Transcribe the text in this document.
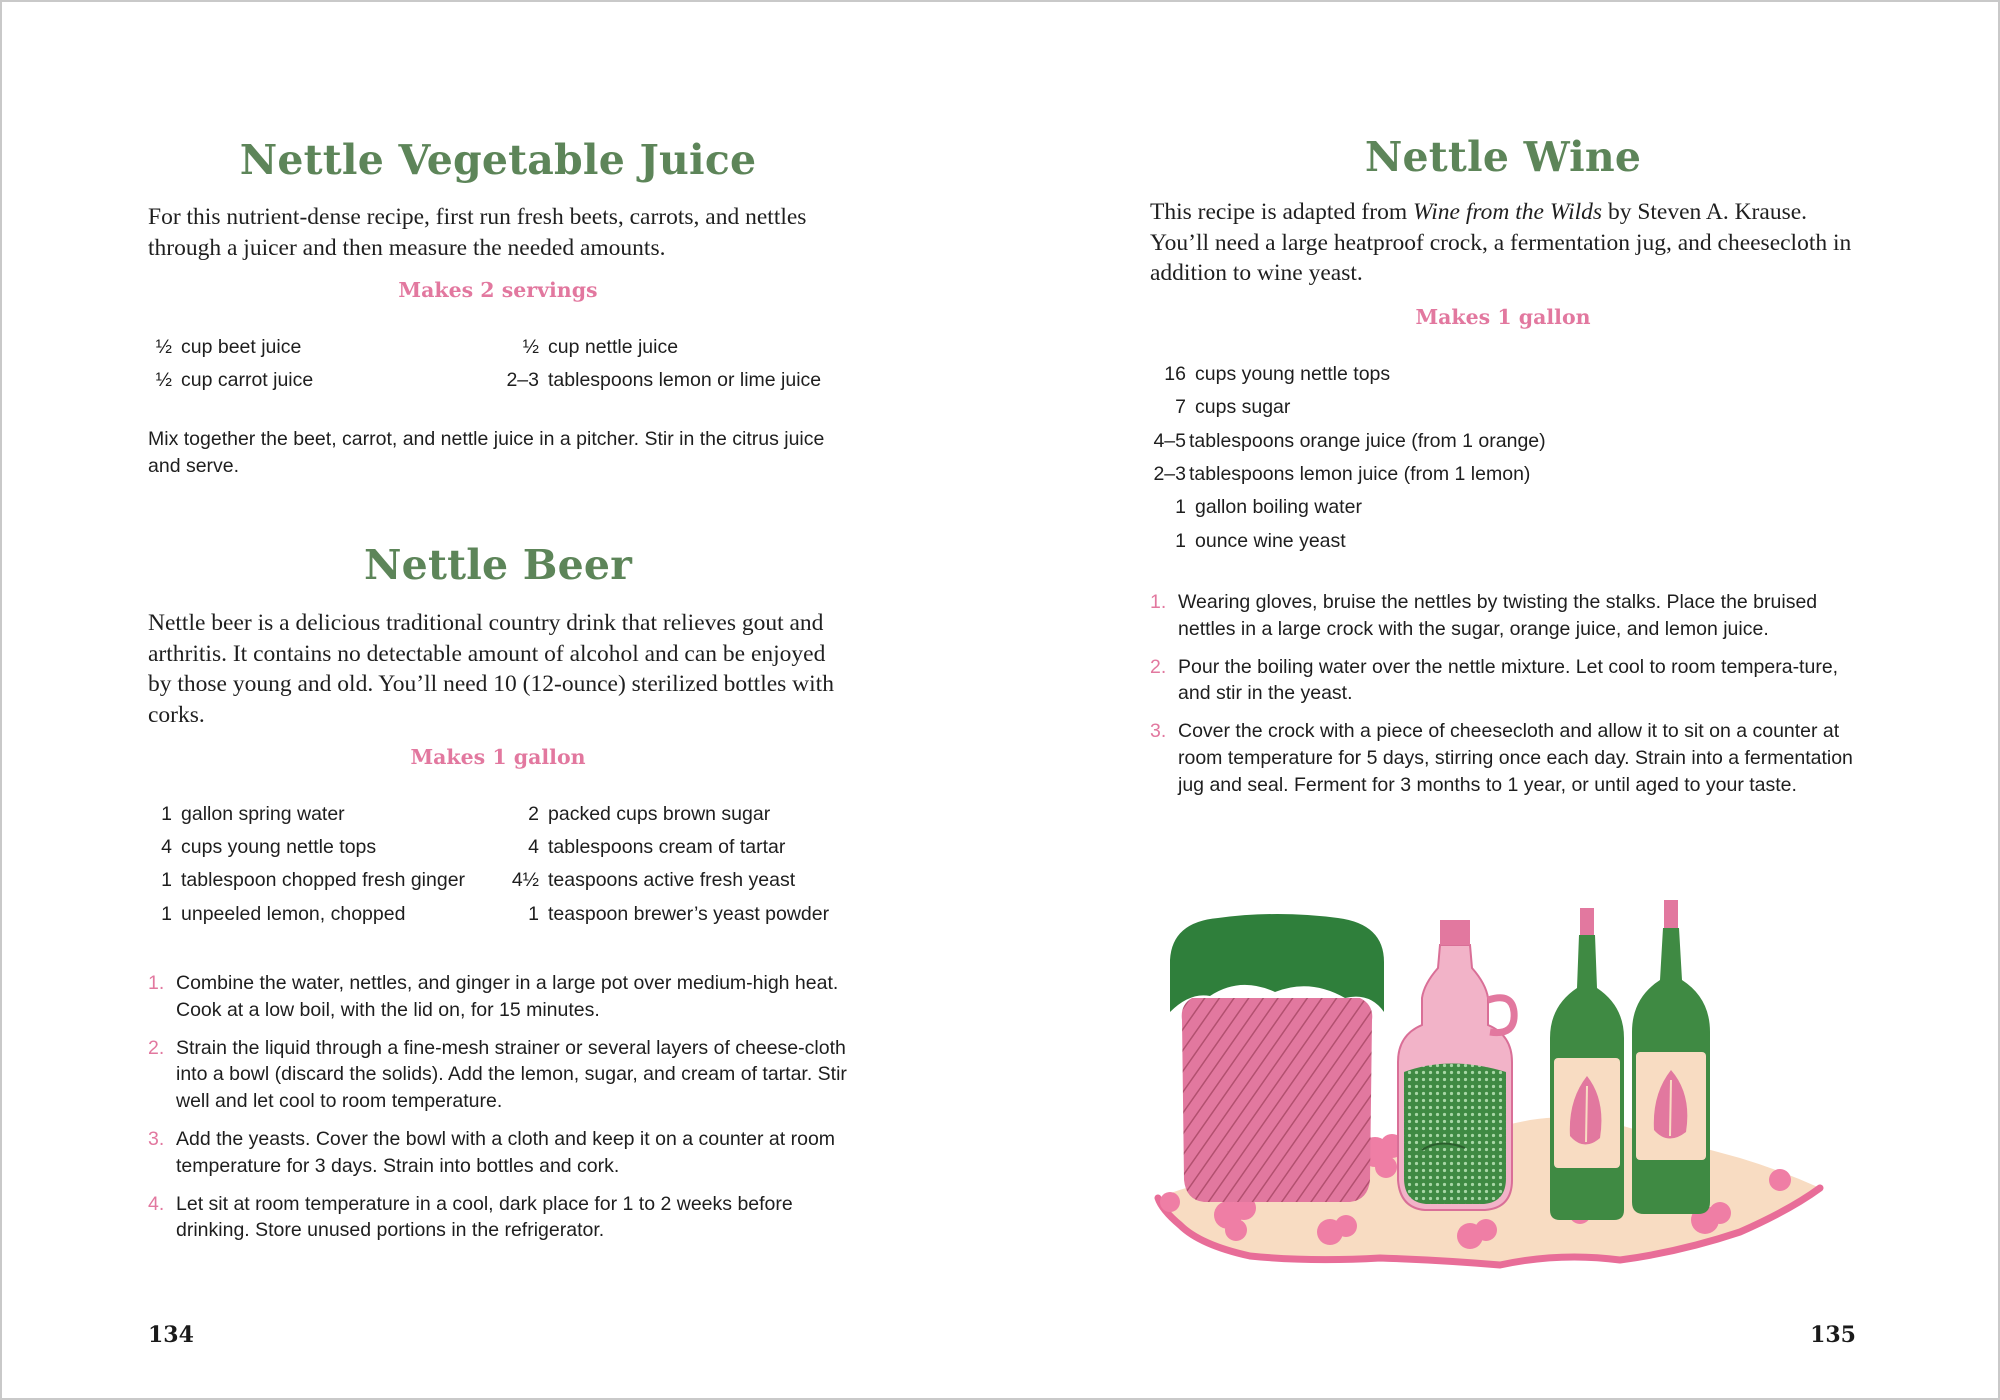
Nettle Vegetable Juice

For this nutrient-dense recipe, first run fresh beets, carrots, and nettles through a juicer and then measure the needed amounts.

Makes 2 servings

½ cup beet juice
½ cup carrot juice
½ cup nettle juice
2–3 tablespoons lemon or lime juice

Mix together the beet, carrot, and nettle juice in a pitcher. Stir in the citrus juice and serve.

Nettle Beer

Nettle beer is a delicious traditional country drink that relieves gout and arthritis. It contains no detectable amount of alcohol and can be enjoyed by those young and old. You’ll need 10 (12-ounce) sterilized bottles with corks.

Makes 1 gallon

1 gallon spring water
4 cups young nettle tops
1 tablespoon chopped fresh ginger
1 unpeeled lemon, chopped
2 packed cups brown sugar
4 tablespoons cream of tartar
4½ teaspoons active fresh yeast
1 teaspoon brewer’s yeast powder
1. Combine the water, nettles, and ginger in a large pot over medium-high heat. Cook at a low boil, with the lid on, for 15 minutes.
2. Strain the liquid through a fine-mesh strainer or several layers of cheese-cloth into a bowl (discard the solids). Add the lemon, sugar, and cream of tartar. Stir well and let cool to room temperature.
3. Add the yeasts. Cover the bowl with a cloth and keep it on a counter at room temperature for 3 days. Strain into bottles and cork.
4. Let sit at room temperature in a cool, dark place for 1 to 2 weeks before drinking. Store unused portions in the refrigerator.
134
Nettle Wine

This recipe is adapted from Wine from the Wilds by Steven A. Krause. You’ll need a large heatproof crock, a fermentation jug, and cheesecloth in addition to wine yeast.

Makes 1 gallon

16 cups young nettle tops
7 cups sugar
4–5 tablespoons orange juice (from 1 orange)
2–3 tablespoons lemon juice (from 1 lemon)
1 gallon boiling water
1 ounce wine yeast
1. Wearing gloves, bruise the nettles by twisting the stalks. Place the bruised nettles in a large crock with the sugar, orange juice, and lemon juice.
2. Pour the boiling water over the nettle mixture. Let cool to room tempera-ture, and stir in the yeast.
3. Cover the crock with a piece of cheesecloth and allow it to sit on a counter at room temperature for 5 days, stirring once each day. Strain into a fermentation jug and seal. Ferment for 3 months to 1 year, or until aged to your taste.
135
